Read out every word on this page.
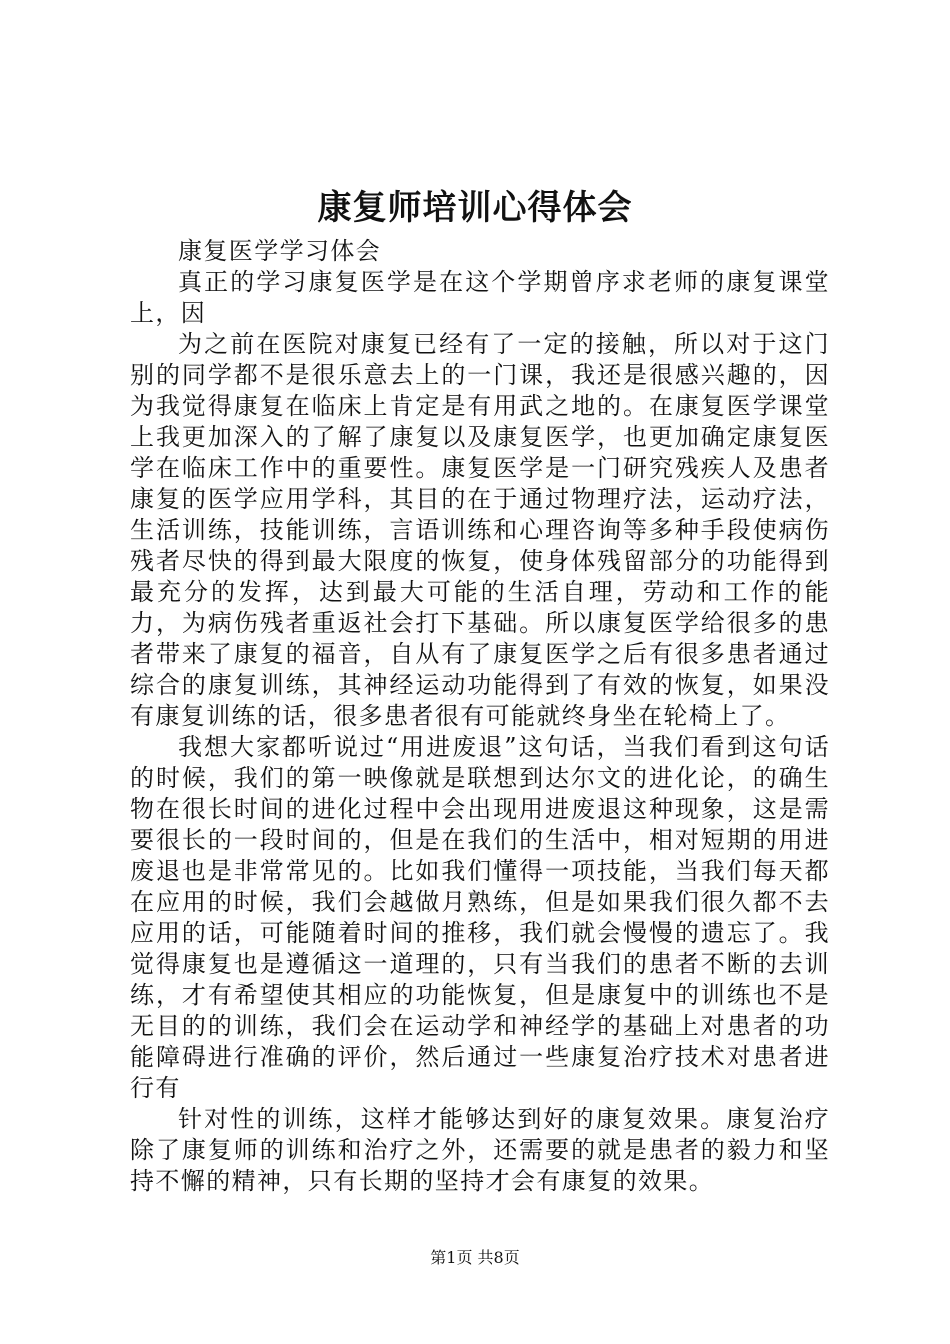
康复师培训心得体会

康复医学学习体会

真正的学习康复医学是在这个学期曾序求老师的康复课堂上，因

为之前在医院对康复已经有了一定的接触，所以对于这门别的同学都不是很乐意去上的一门课，我还是很感兴趣的，因为我觉得康复在临床上肯定是有用武之地的。在康复医学课堂上我更加深入的了解了康复以及康复医学，也更加确定康复医学在临床工作中的重要性。康复医学是一门研究残疾人及患者康复的医学应用学科，其目的在于通过物理疗法，运动疗法，生活训练，技能训练，言语训练和心理咨询等多种手段使病伤残者尽快的得到最大限度的恢复，使身体残留部分的功能得到最充分的发挥，达到最大可能的生活自理，劳动和工作的能力，为病伤残者重返社会打下基础。所以康复医学给很多的患者带来了康复的福音，自从有了康复医学之后有很多患者通过综合的康复训练，其神经运动功能得到了有效的恢复，如果没有康复训练的话，很多患者很有可能就终身坐在轮椅上了。

我想大家都听说过“用进废退”这句话，当我们看到这句话的时候，我们的第一映像就是联想到达尔文的进化论，的确生物在很长时间的进化过程中会出现用进废退这种现象，这是需要很长的一段时间的，但是在我们的生活中，相对短期的用进废退也是非常常见的。比如我们懂得一项技能，当我们每天都在应用的时候，我们会越做月熟练，但是如果我们很久都不去应用的话，可能随着时间的推移，我们就会慢慢的遗忘了。我觉得康复也是遵循这一道理的，只有当我们的患者不断的去训练，才有希望使其相应的功能恢复，但是康复中的训练也不是无目的的训练，我们会在运动学和神经学的基础上对患者的功能障碍进行准确的评价，然后通过一些康复治疗技术对患者进行有

针对性的训练，这样才能够达到好的康复效果。康复治疗除了康复师的训练和治疗之外，还需要的就是患者的毅力和坚持不懈的精神，只有长期的坚持才会有康复的效果。

第1页 共8页
